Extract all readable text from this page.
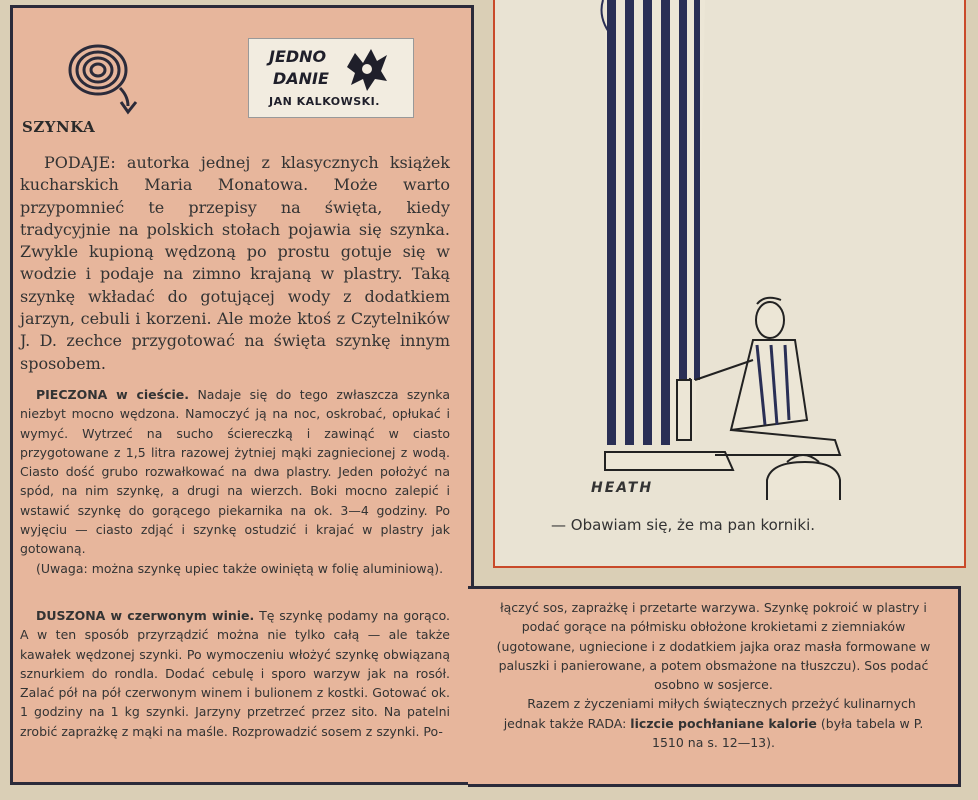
JEDNO
DANIE
JAN KALKOWSKI.
SZYNKA

PODAJE: autorka jednej z klasycznych książek kucharskich Maria Monatowa. Może warto przypomnieć te przepisy na święta, kiedy tradycyjnie na polskich stołach pojawia się szynka. Zwykle kupioną wędzoną po prostu gotuje się w wodzie i podaje na zimno krajaną w plastry. Taką szynkę wkładać do gotującej wody z dodatkiem jarzyn, cebuli i korzeni. Ale może ktoś z Czytelników J. D. zechce przygotować na święta szynkę innym sposobem.

PIECZONA w cieście. Nadaje się do tego zwłaszcza szynka niezbyt mocno wędzona. Namoczyć ją na noc, oskrobać, opłukać i wymyć. Wytrzeć na sucho ściereczką i zawinąć w ciasto przygotowane z 1,5 litra razowej żytniej mąki zagniecionej z wodą. Ciasto dość grubo rozwałkować na dwa plastry. Jeden położyć na spód, na nim szynkę, a drugi na wierzch. Boki mocno zalepić i wstawić szynkę do gorącego piekarnika na ok. 3—4 godziny. Po wyjęciu — ciasto zdjąć i szynkę ostudzić i krajać w plastry jak gotowaną.

(Uwaga: można szynkę upiec także owiniętą w folię aluminiową).

DUSZONA w czerwonym winie. Tę szynkę podamy na gorąco. A w ten sposób przyrządzić można nie tylko całą — ale także kawałek wędzonej szynki. Po wymoczeniu włożyć szynkę obwiązaną sznurkiem do rondla. Dodać cebulę i sporo warzyw jak na rosół. Zalać pół na pół czerwonym winem i bulionem z kostki. Gotować ok. 1 godziny na 1 kg szynki. Jarzyny przetrzeć przez sito. Na patelni zrobić zaprażkę z mąki na maśle. Rozprowadzić sosem z szynki. Po-

łączyć sos, zaprażkę i przetarte warzywa. Szynkę pokroić w plastry i podać gorące na półmisku obłożone krokietami z ziemniaków (ugotowane, ugniecione i z dodatkiem jajka oraz masła formowane w paluszki i panierowane, a potem obsmażone na tłuszczu). Sos podać osobno w sosjerce.

Razem z życzeniami miłych świątecznych przeżyć kulinarnych jednak także RADA: liczcie pochłaniane kalorie (była tabela w P. 1510 na s. 12—13).

HEATH
— Obawiam się, że ma pan korniki.
